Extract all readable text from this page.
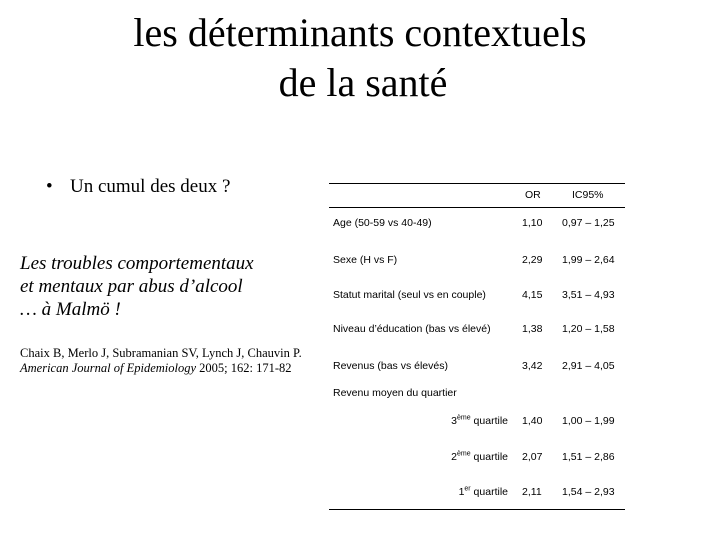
les déterminants contextuels

de la santé
• Un cumul des deux ?
Les troubles comportementaux
et mentaux par abus d’alcool
… à Malmö !
Chaix B, Merlo J, Subramanian SV, Lynch J, Chauvin P.
American Journal of Epidemiology 2005; 162: 171-82
OR	IC95%
Age (50-59 vs 40-49)	1,10 0,97 – 1,25
Sexe (H vs F)	2,29 1,99 – 2,64
Statut marital (seul vs en couple)	4,15 3,51 – 4,93
Niveau d’éducation (bas vs élevé)	1,38 1,20 – 1,58
Revenus (bas vs élevés)	3,42 2,91 – 4,05
Revenu moyen du quartier
3ème quartile 1,40 1,00 – 1,99
2ème quartile 2,07 1,51 – 2,86
1er quartile 2,11 1,54 – 2,93
